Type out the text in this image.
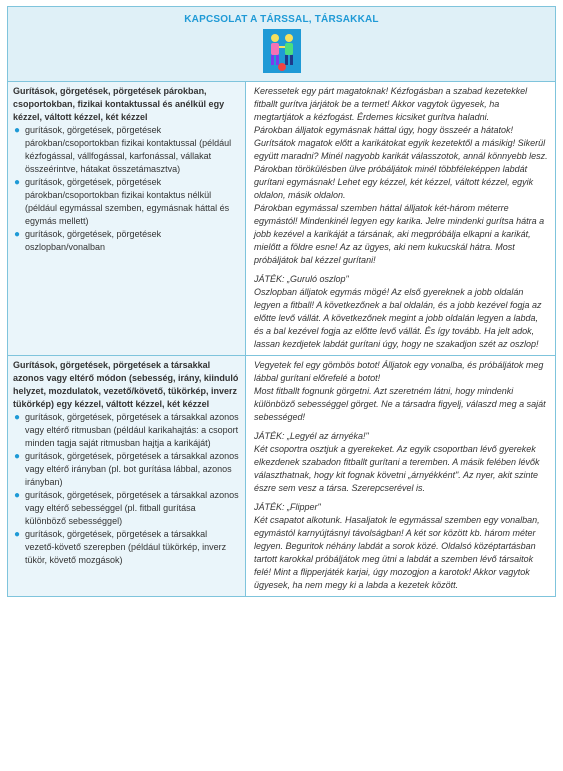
KAPCSOLAT A TÁRSSAL, TÁRSAKKAL
Gurítások, görgetések, pörgetések párokban, csoportokban, fizikai kontaktussal és anélkül egy kézzel, váltott kézzel, két kézzel
● gurítások, görgetések, pörgetések párokban/csoportokban fizikai kontaktussal (például kézfogással, vállfogással, karfonással, vállakat összeérintve, hátakat összetámasztva)
● gurítások, görgetések, pörgetések párokban/csoportokban fizikai kontaktus nélkül (például egymással szemben, egymásnak háttal és egymás mellett)
● gurítások, görgetések, pörgetések oszlopban/vonalban

Keressetek egy párt magatoknak! Kézfogásban a szabad kezetekkel fitballt gurítva járjátok be a termet! Akkor vagytok ügyesek, ha megtartjátok a kézfogást. Érdemes kicsiket gurítva haladni.

Párokban álljatok egymásnak háttal úgy, hogy összeér a hátatok! Gurítsátok magatok előtt a karikátokat egyik kezetektől a másikig! Sikerül együtt maradni? Minél nagyobb karikát válasszotok, annál könnyebb lesz.

Párokban törökülésben ülve próbáljátok minél többféleképpen labdát gurítani egymásnak! Lehet egy kézzel, két kézzel, váltott kézzel, egyik oldalon, másik oldalon.

Párokban egymással szemben háttal álljatok két-három méterre egymástól! Mindenkinél legyen egy karika. Jelre mindenki gurítsa hátra a jobb kezével a karikáját a társának, aki megpróbálja elkapni a karikát, mielőtt a földre esne! Az az ügyes, aki nem kukucskál hátra. Most próbáljátok bal kézzel gurítani!

JÁTÉK: „Guruló oszlop"

Oszlopban álljatok egymás mögé! Az első gyereknek a jobb oldalán legyen a fitball! A következőnek a bal oldalán, és a jobb kezével fogja az előtte levő vállát. A következőnek megint a jobb oldalán legyen a labda, és a bal kezével fogja az előtte levő vállát. És így tovább. Ha jelt adok, lassan kezdjetek labdát gurítani úgy, hogy ne szakadjon szét az oszlop!

Gurítások, görgetések, pörgetések a társakkal azonos vagy eltérő módon (sebesség, irány, kiinduló helyzet, mozdulatok, vezető/követő, tükörkép, inverz tükörkép) egy kézzel, váltott kézzel, két kézzel
● gurítások, görgetések, pörgetések a társakkal azonos vagy eltérő ritmusban (például karikahajtás: a csoport minden tagja saját ritmusban hajtja a karikáját)
● gurítások, görgetések, pörgetések a társakkal azonos vagy eltérő irányban (pl. bot gurítása lábbal, azonos irányban)
● gurítások, görgetések, pörgetések a társakkal azonos vagy eltérő sebességgel (pl. fitball gurítása különböző sebességgel)
● gurítások, görgetések, pörgetések a társakkal vezető-követő szerepben (például tükörkép, inverz tükör, követő mozgások)

Vegyetek fel egy gömbös botot! Álljatok egy vonalba, és próbáljátok meg lábbal gurítani előrefelé a botot!

Most fitballt fognunk görgetni. Azt szeretném látni, hogy mindenki különböző sebességgel görget. Ne a társadra figyelj, válaszd meg a saját sebességed!

JÁTÉK: „Legyél az árnyéka!"

Két csoportra osztjuk a gyerekeket. Az egyik csoportban lévő gyerekek elkezdenek szabadon fitballt gurítani a teremben. A másik felében lévők választhatnak, hogy kit fognak követni „árnyékként". Az nyer, akit szinte észre sem vesz a társa. Szerepcserével is.

JÁTÉK: „Flipper"

Két csapatot alkotunk. Hasaljatok le egymással szemben egy vonalban, egymástól karnyújtásnyi távolságban! A két sor között kb. három méter legyen. Beguritok néhány labdát a sorok közé. Oldalsó középtartásban tartott karokkal próbáljátok meg ütni a labdát a szemben lévő társaitok felé! Mint a flipperjáték karjai, úgy mozogjon a karotok! Akkor vagytok ügyesek, ha nem megy ki a labda a kezetek között.
